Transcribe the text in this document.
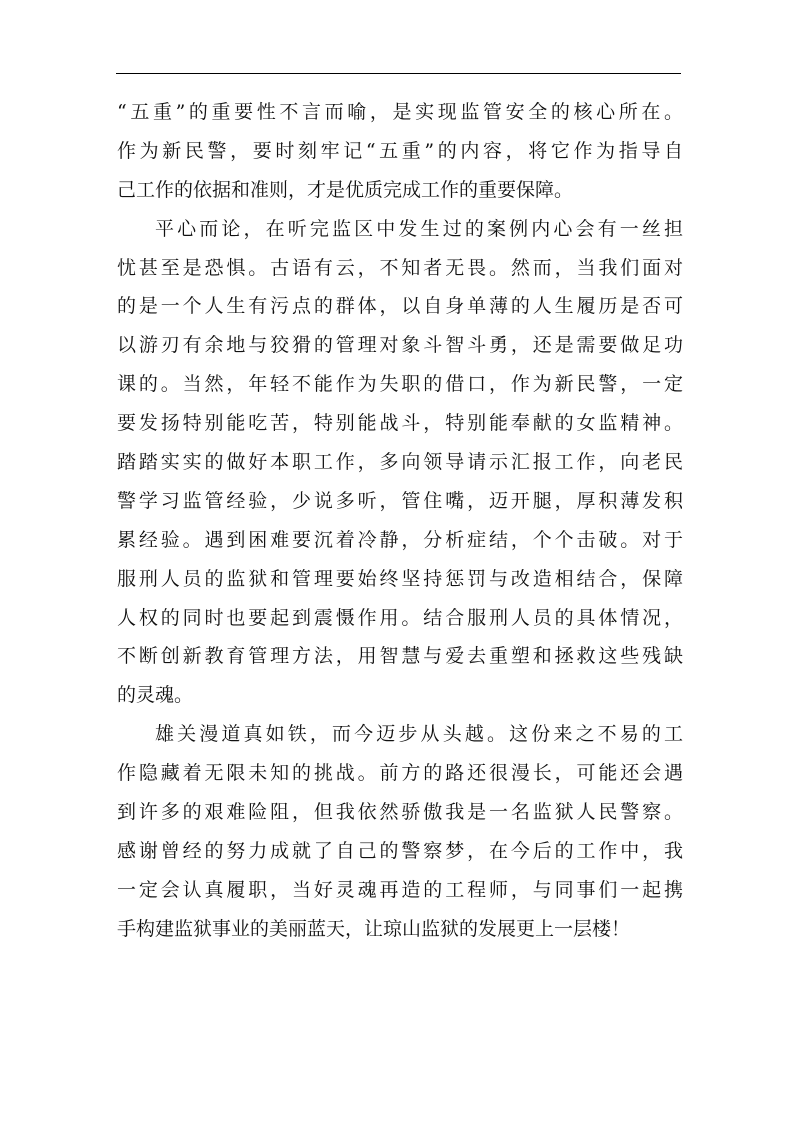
“五重”的重要性不言而喻，是实现监管安全的核心所在。
作为新民警，要时刻牢记“五重”的内容，将它作为指导自
己工作的依据和准则，才是优质完成工作的重要保障。
平心而论，在听完监区中发生过的案例内心会有一丝担
忧甚至是恐惧。古语有云，不知者无畏。然而，当我们面对
的是一个人生有污点的群体，以自身单薄的人生履历是否可
以游刃有余地与狡猾的管理对象斗智斗勇，还是需要做足功
课的。当然，年轻不能作为失职的借口，作为新民警，一定
要发扬特别能吃苦，特别能战斗，特别能奉献的女监精神。
踏踏实实的做好本职工作，多向领导请示汇报工作，向老民
警学习监管经验，少说多听，管住嘴，迈开腿，厚积薄发积
累经验。遇到困难要沉着冷静，分析症结，个个击破。对于
服刑人员的监狱和管理要始终坚持惩罚与改造相结合，保障
人权的同时也要起到震慑作用。结合服刑人员的具体情况，
不断创新教育管理方法，用智慧与爱去重塑和拯救这些残缺
的灵魂。
雄关漫道真如铁，而今迈步从头越。这份来之不易的工
作隐藏着无限未知的挑战。前方的路还很漫长，可能还会遇
到许多的艰难险阻，但我依然骄傲我是一名监狱人民警察。
感谢曾经的努力成就了自己的警察梦，在今后的工作中，我
一定会认真履职，当好灵魂再造的工程师，与同事们一起携
手构建监狱事业的美丽蓝天，让琼山监狱的发展更上一层楼！
